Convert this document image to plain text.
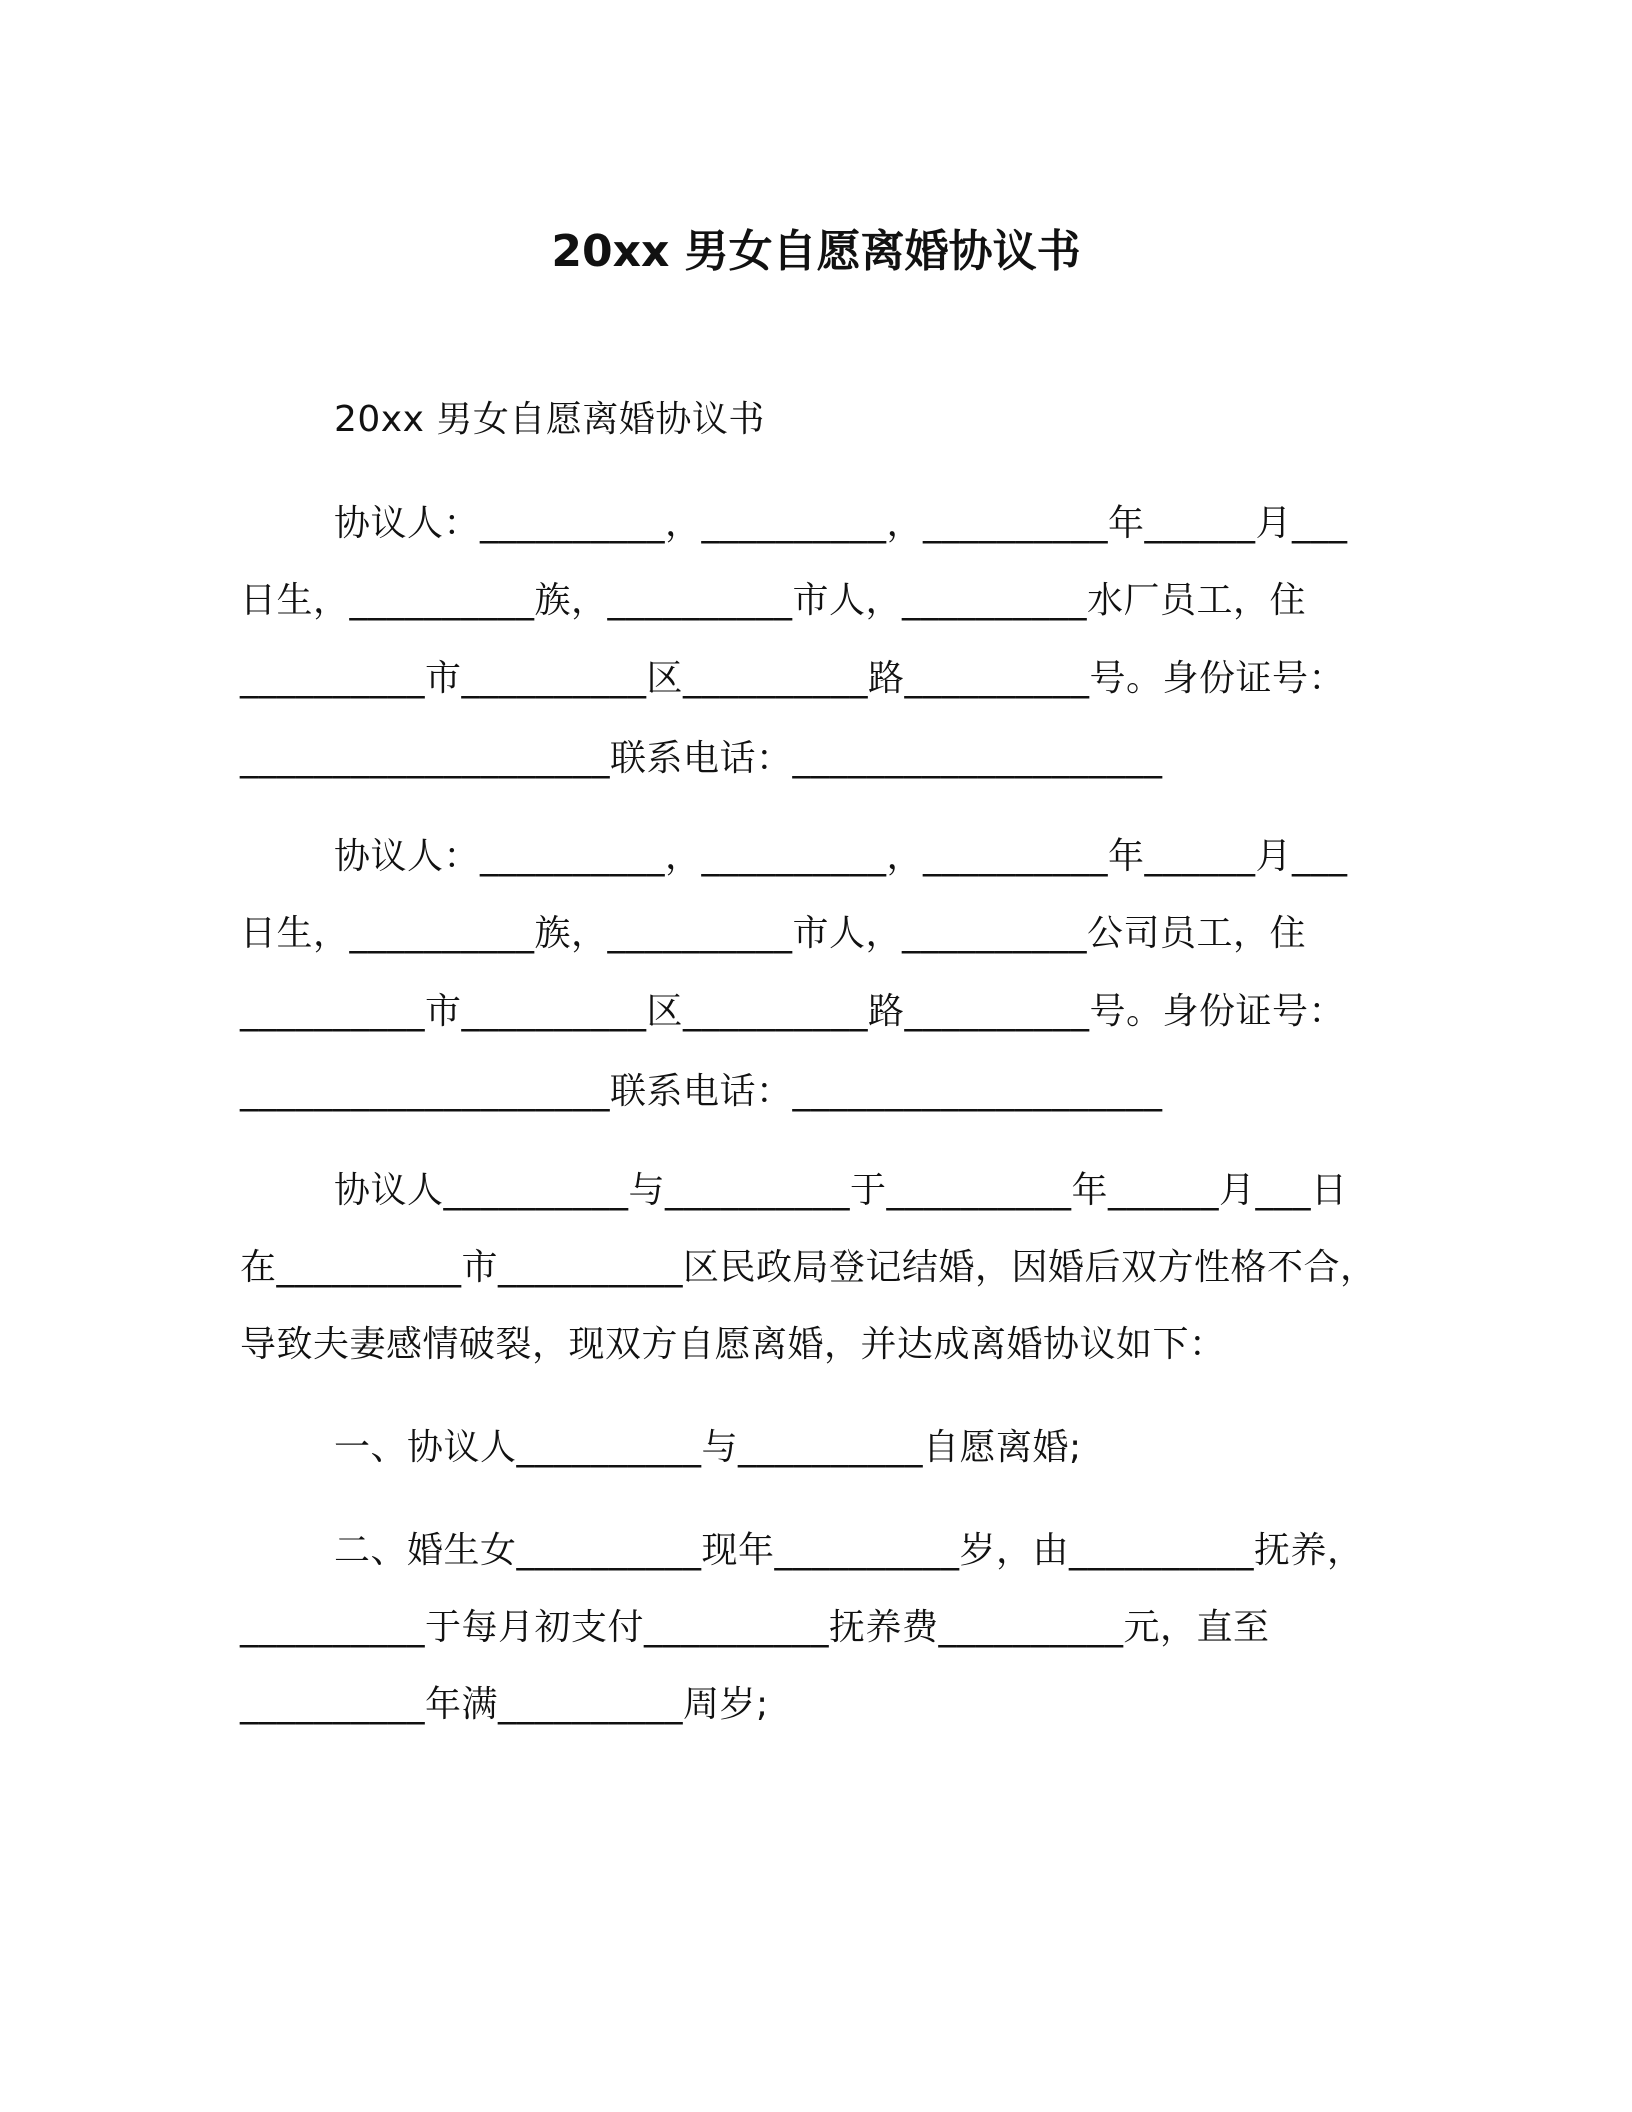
20xx 男女自愿离婚协议书
20xx 男女自愿离婚协议书
协议人：__________，__________，__________年______月___
日生，__________族，__________市人，__________水厂员工，住
__________市__________区__________路__________号。身份证号：
____________________联系电话：____________________
协议人：__________，__________，__________年______月___
日生，__________族，__________市人，__________公司员工，住
__________市__________区__________路__________号。身份证号：
____________________联系电话：____________________
协议人__________与__________于__________年______月___日
在__________市__________区民政局登记结婚，因婚后双方性格不合，
导致夫妻感情破裂，现双方自愿离婚，并达成离婚协议如下：
一、协议人__________与__________自愿离婚;
二、婚生女__________现年__________岁，由__________抚养，
__________于每月初支付__________抚养费__________元，直至
__________年满__________周岁;
